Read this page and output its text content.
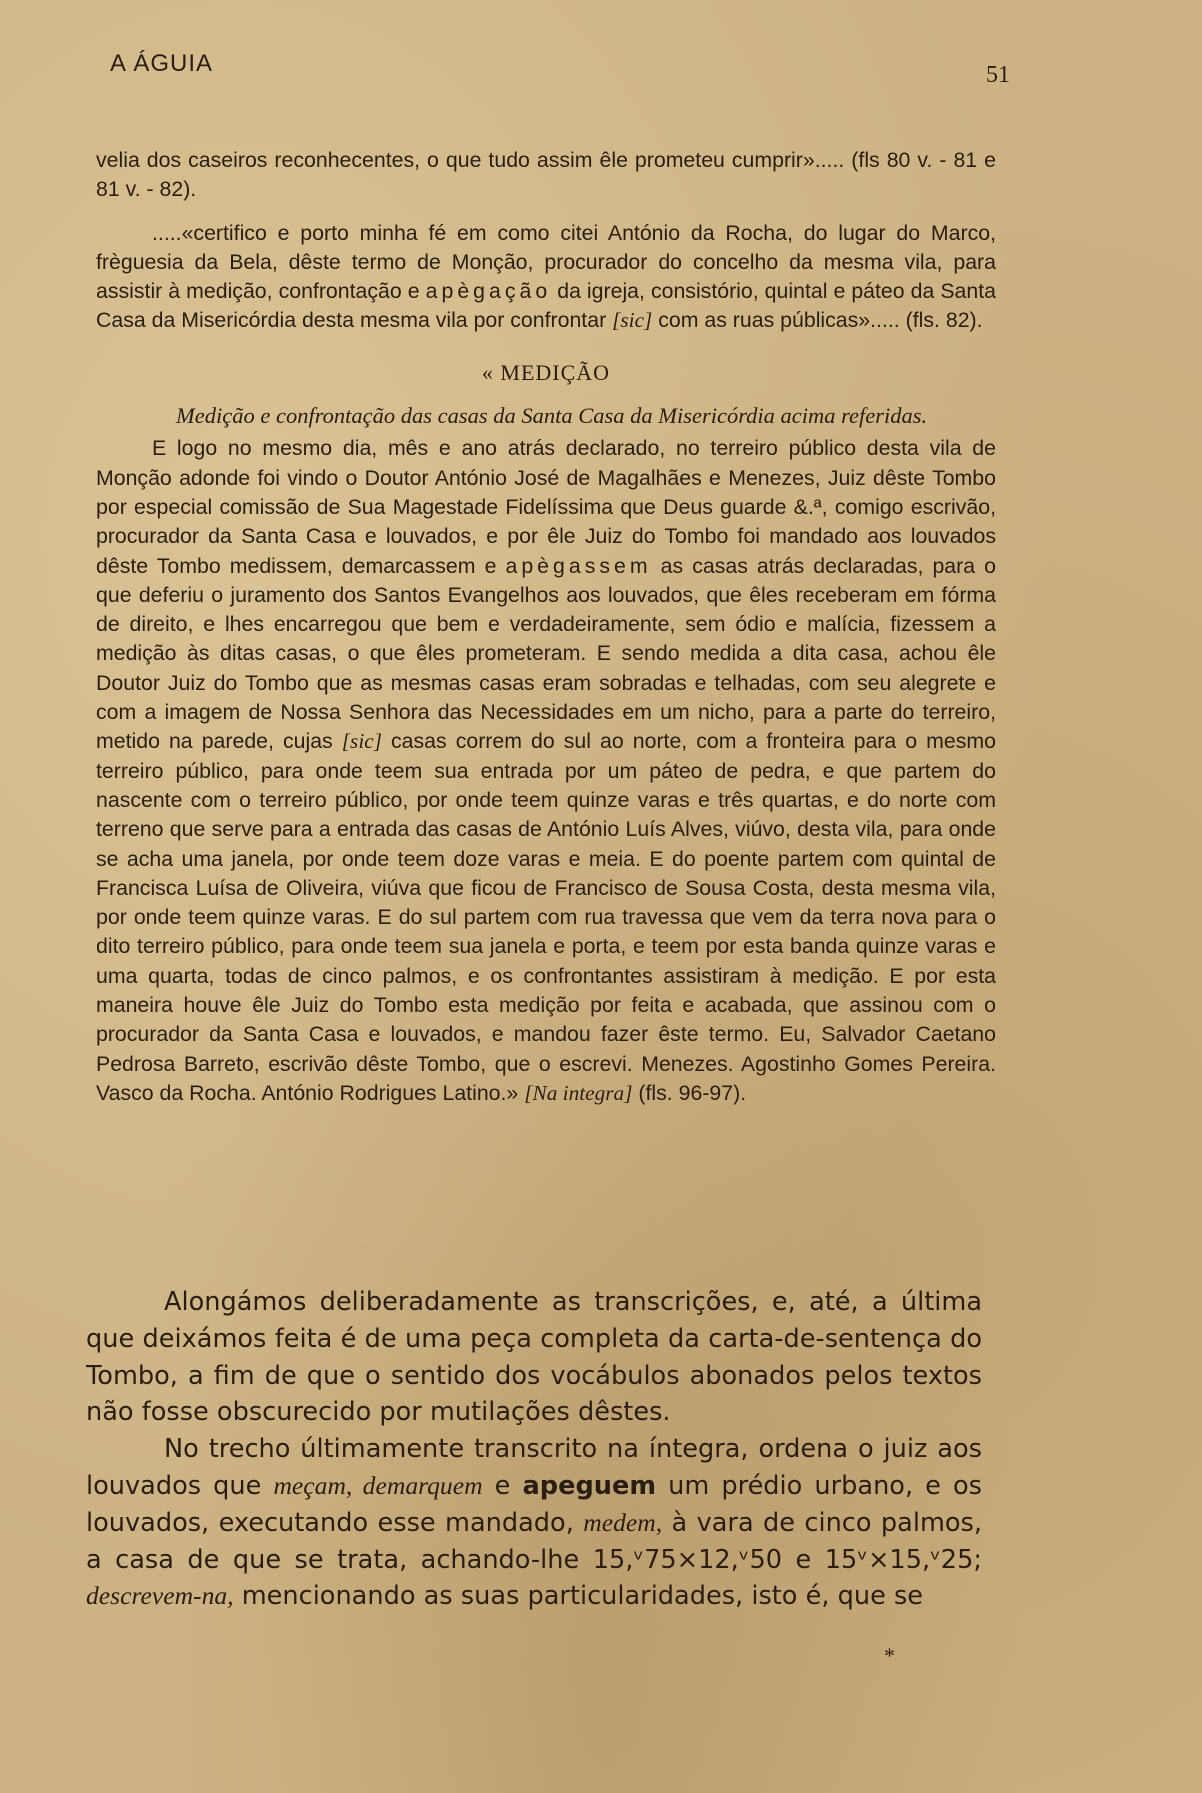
A ÁGUIA	51

velia dos caseiros reconhecentes, o que tudo assim êle prometeu cumprir»..... (fls 80 v. - 81 e 81 v. - 82).

.....«certifico e porto minha fé em como citei António da Rocha, do lugar do Marco, frèguesia da Bela, dêste termo de Monção, procurador do concelho da mesma vila, para assistir à medição, confrontação e apègação da igreja, consistório, quintal e páteo da Santa Casa da Misericórdia desta mesma vila por confrontar [sic] com as ruas públicas»..... (fls. 82).

« MEDIÇÃO

Medição e confrontação das casas da Santa Casa da Misericórdia acima referidas.

E logo no mesmo dia, mês e ano atrás declarado, no terreiro público desta vila de Monção adonde foi vindo o Doutor António José de Magalhães e Menezes, Juiz dêste Tombo por especial comissão de Sua Magestade Fidelíssima que Deus guarde &.ª, comigo escrivão, procurador da Santa Casa e louvados, e por êle Juiz do Tombo foi mandado aos louvados dêste Tombo medissem, demarcassem e apègassem as casas atrás declaradas, para o que deferiu o juramento dos Santos Evangelhos aos louvados, que êles receberam em fórma de direito, e lhes encarregou que bem e verdadeiramente, sem ódio e malícia, fizessem a medição às ditas casas, o que êles prometeram. E sendo medida a dita casa, achou êle Doutor Juiz do Tombo que as mesmas casas eram sobradas e telhadas, com seu alegrete e com a imagem de Nossa Senhora das Necessidades em um nicho, para a parte do terreiro, metido na parede, cujas [sic] casas correm do sul ao norte, com a fronteira para o mesmo terreiro público, para onde teem sua entrada por um páteo de pedra, e que partem do nascente com o terreiro público, por onde teem quinze varas e três quartas, e do norte com terreno que serve para a entrada das casas de António Luís Alves, viúvo, desta vila, para onde se acha uma janela, por onde teem doze varas e meia. E do poente partem com quintal de Francisca Luísa de Oliveira, viúva que ficou de Francisco de Sousa Costa, desta mesma vila, por onde teem quinze varas. E do sul partem com rua travessa que vem da terra nova para o dito terreiro público, para onde teem sua janela e porta, e teem por esta banda quinze varas e uma quarta, todas de cinco palmos, e os confrontantes assistiram à medição. E por esta maneira houve êle Juiz do Tombo esta medição por feita e acabada, que assinou com o procurador da Santa Casa e louvados, e mandou fazer êste termo. Eu, Salvador Caetano Pedrosa Barreto, escrivão dêste Tombo, que o escrevi. Menezes. Agostinho Gomes Pereira. Vasco da Rocha. António Rodrigues Latino.» [Na integra] (fls. 96-97).

Alongámos deliberadamente as transcrições, e, até, a última que deixámos feita é de uma peça completa da carta-de-sentença do Tombo, a fim de que o sentido dos vocábulos abonados pelos textos não fosse obscurecido por mutilações dêstes.

No trecho últimamente transcrito na íntegra, ordena o juiz aos louvados que meçam, demarquem e apeguem um prédio urbano, e os louvados, executando esse mandado, medem, à vara de cinco palmos, a casa de que se trata, achando-lhe 15,ᵛ75×12,ᵛ50 e 15ᵛ×15,ᵛ25; descrevem-na, mencionando as suas particularidades, isto é, que se

*
